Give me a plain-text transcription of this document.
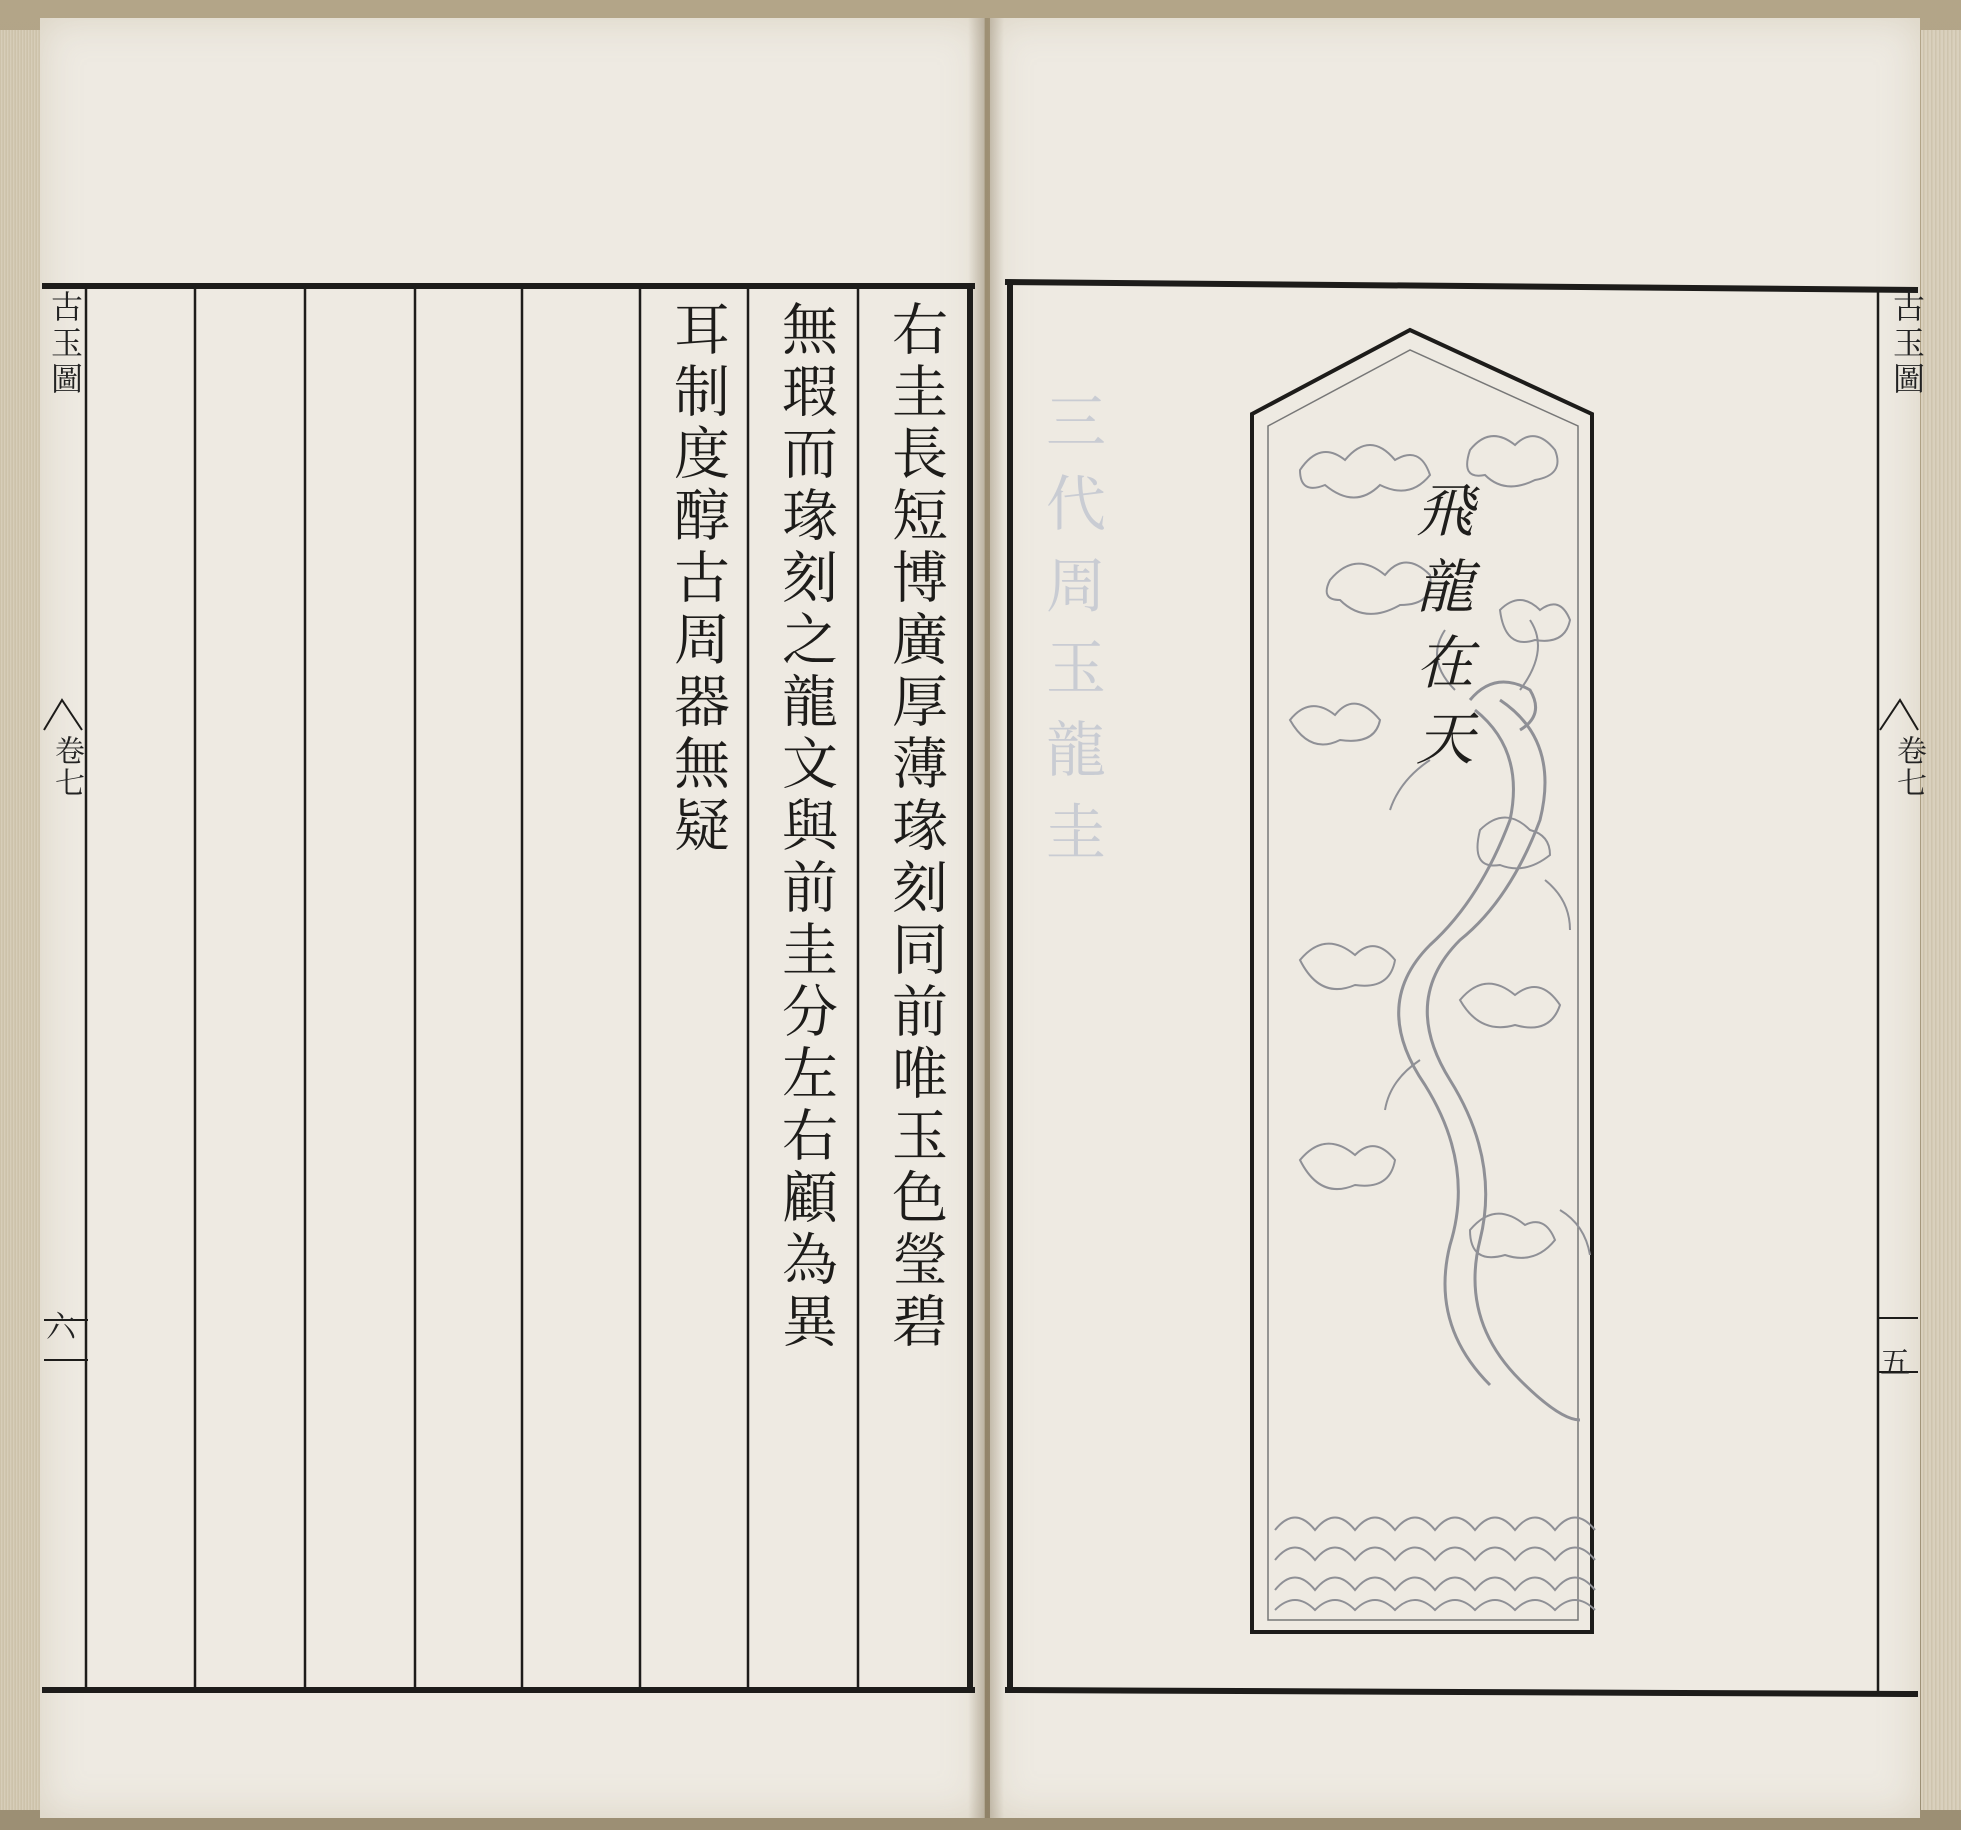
三代周玉龍圭
古玉圖
卷七
六
古玉圖
卷七
五
右圭長短博廣厚薄瑑刻同前唯玉色瑩碧
無瑕而瑑刻之龍文與前圭分左右顧為異
耳制度醇古周器無疑	飛龍在天
